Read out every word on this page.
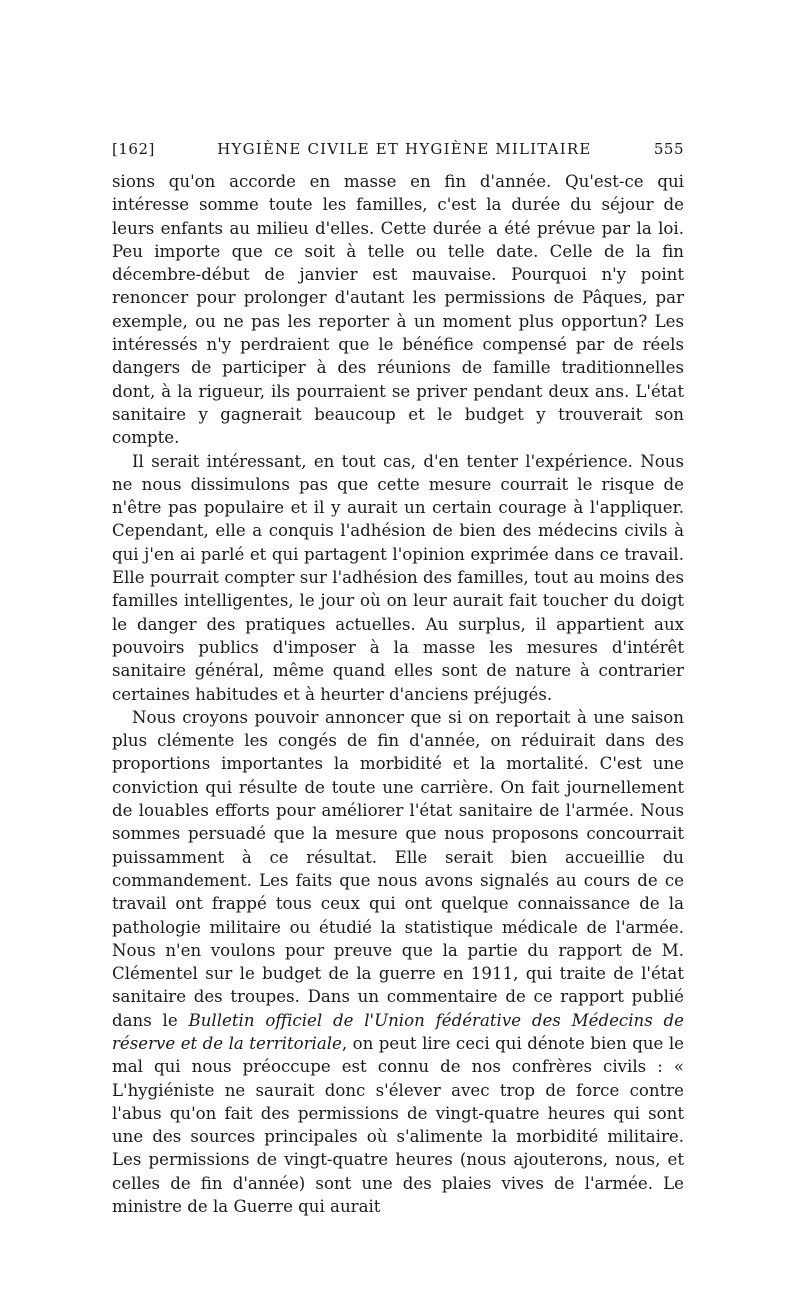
[162]	HYGIÈNE CIVILE ET HYGIÈNE MILITAIRE	555

sions qu'on accorde en masse en fin d'année. Qu'est-ce qui intéresse somme toute les familles, c'est la durée du séjour de leurs enfants au milieu d'elles. Cette durée a été prévue par la loi. Peu importe que ce soit à telle ou telle date. Celle de la fin décembre-début de janvier est mauvaise. Pourquoi n'y point renoncer pour prolonger d'autant les permissions de Pâques, par exemple, ou ne pas les reporter à un moment plus opportun? Les intéressés n'y perdraient que le bénéfice compensé par de réels dangers de participer à des réunions de famille traditionnelles dont, à la rigueur, ils pourraient se priver pendant deux ans. L'état sanitaire y gagnerait beaucoup et le budget y trouverait son compte.

Il serait intéressant, en tout cas, d'en tenter l'expérience. Nous ne nous dissimulons pas que cette mesure courrait le risque de n'être pas populaire et il y aurait un certain courage à l'appliquer. Cependant, elle a conquis l'adhésion de bien des médecins civils à qui j'en ai parlé et qui partagent l'opinion exprimée dans ce travail. Elle pourrait compter sur l'adhésion des familles, tout au moins des familles intelligentes, le jour où on leur aurait fait toucher du doigt le danger des pratiques actuelles. Au surplus, il appartient aux pouvoirs publics d'imposer à la masse les mesures d'intérêt sanitaire général, même quand elles sont de nature à contrarier certaines habitudes et à heurter d'anciens préjugés.

Nous croyons pouvoir annoncer que si on reportait à une saison plus clémente les congés de fin d'année, on réduirait dans des proportions importantes la morbidité et la mortalité. C'est une conviction qui résulte de toute une carrière. On fait journellement de louables efforts pour améliorer l'état sanitaire de l'armée. Nous sommes persuadé que la mesure que nous proposons concourrait puissamment à ce résultat. Elle serait bien accueillie du commandement. Les faits que nous avons signalés au cours de ce travail ont frappé tous ceux qui ont quelque connaissance de la pathologie militaire ou étudié la statistique médicale de l'armée. Nous n'en voulons pour preuve que la partie du rapport de M. Clémentel sur le budget de la guerre en 1911, qui traite de l'état sanitaire des troupes. Dans un commentaire de ce rapport publié dans le Bulletin officiel de l'Union fédérative des Médecins de réserve et de la territoriale, on peut lire ceci qui dénote bien que le mal qui nous préoccupe est connu de nos confrères civils : « L'hygiéniste ne saurait donc s'élever avec trop de force contre l'abus qu'on fait des permissions de vingt-quatre heures qui sont une des sources principales où s'alimente la morbidité militaire. Les permissions de vingt-quatre heures (nous ajouterons, nous, et celles de fin d'année) sont une des plaies vives de l'armée. Le ministre de la Guerre qui aurait
